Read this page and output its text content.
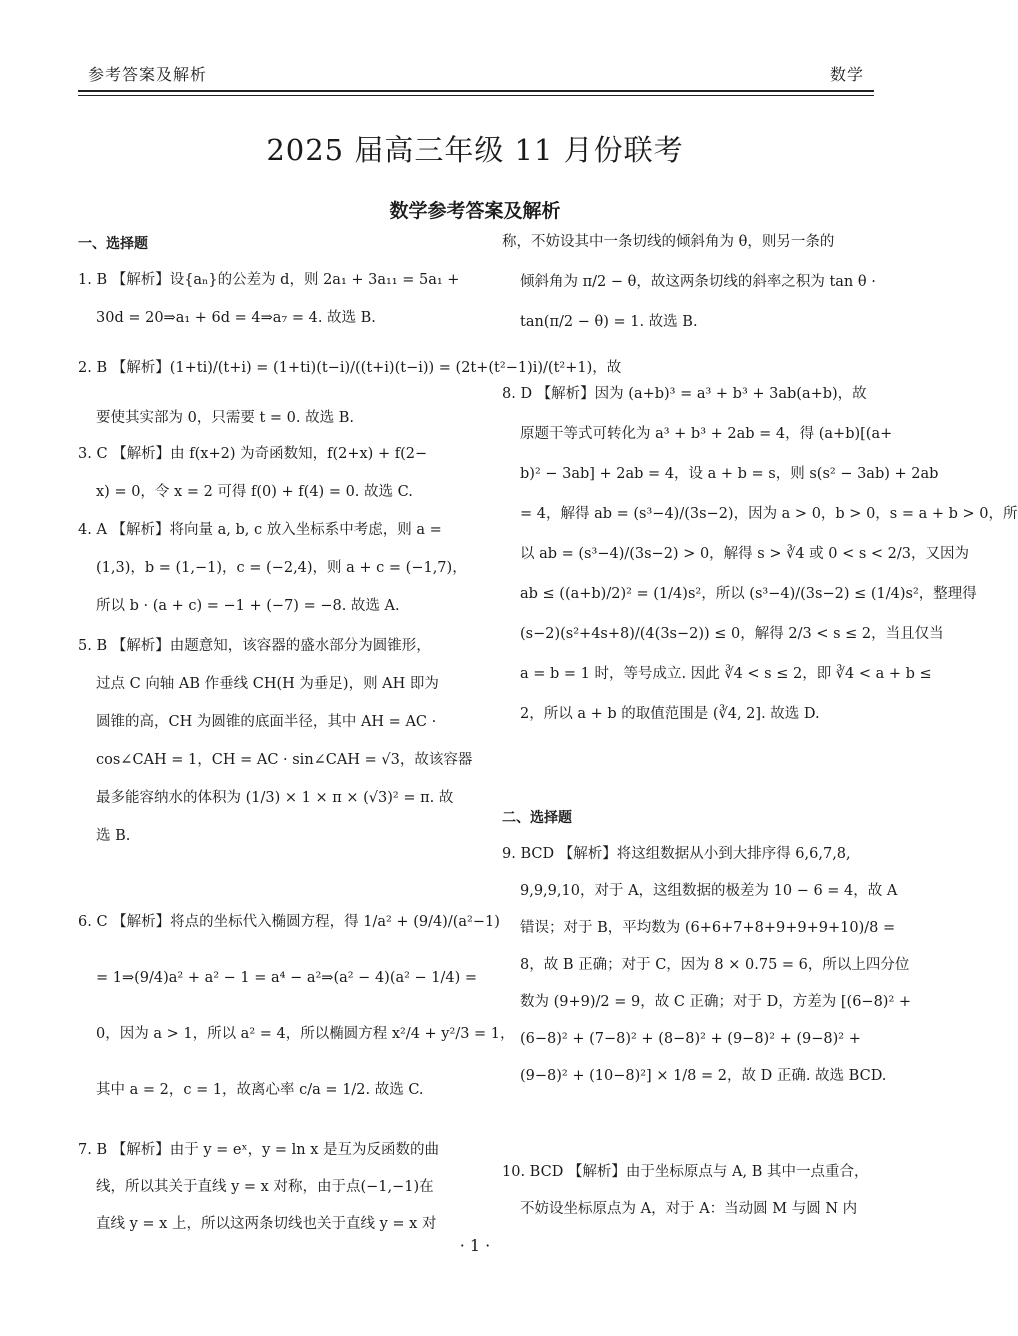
参考答案及解析	数学
2025 届高三年级 11 月份联考
数学参考答案及解析
一、选择题
1. B 【解析】设{aₙ}的公差为 d，则 2a₁ + 3a₁₁ = 5a₁ +
30d = 20⇒a₁ + 6d = 4⇒a₇ = 4. 故选 B.
2. B 【解析】(1+ti)/(t+i) = (1+ti)(t−i)/((t+i)(t−i)) = (2t+(t²−1)i)/(t²+1)，故
要使其实部为 0，只需要 t = 0. 故选 B.
3. C 【解析】由 f(x+2) 为奇函数知，f(2+x) + f(2−
x) = 0，令 x = 2 可得 f(0) + f(4) = 0. 故选 C.
4. A 【解析】将向量 a, b, c 放入坐标系中考虑，则 a =
(1,3)，b = (1,−1)，c = (−2,4)，则 a + c = (−1,7)，
所以 b · (a + c) = −1 + (−7) = −8. 故选 A.
5. B 【解析】由题意知，该容器的盛水部分为圆锥形，
过点 C 向轴 AB 作垂线 CH(H 为垂足)，则 AH 即为
圆锥的高，CH 为圆锥的底面半径，其中 AH = AC ·
cos∠CAH = 1，CH = AC · sin∠CAH = √3，故该容器
最多能容纳水的体积为 (1/3) × 1 × π × (√3)² = π. 故
选 B.
6. C 【解析】将点的坐标代入椭圆方程，得 1/a² + (9/4)/(a²−1)
= 1⇒(9/4)a² + a² − 1 = a⁴ − a²⇒(a² − 4)(a² − 1/4) =
0，因为 a > 1，所以 a² = 4，所以椭圆方程 x²/4 + y²/3 = 1，
其中 a = 2，c = 1，故离心率 c/a = 1/2. 故选 C.
7. B 【解析】由于 y = eˣ，y = ln x 是互为反函数的曲
线，所以其关于直线 y = x 对称，由于点(−1,−1)在
直线 y = x 上，所以这两条切线也关于直线 y = x 对
称，不妨设其中一条切线的倾斜角为 θ，则另一条的
倾斜角为 π/2 − θ，故这两条切线的斜率之积为 tan θ ·
tan(π/2 − θ) = 1. 故选 B.
8. D 【解析】因为 (a+b)³ = a³ + b³ + 3ab(a+b)，故
原题干等式可转化为 a³ + b³ + 2ab = 4，得 (a+b)[(a+
b)² − 3ab] + 2ab = 4，设 a + b = s，则 s(s² − 3ab) + 2ab
= 4，解得 ab = (s³−4)/(3s−2)，因为 a > 0，b > 0，s = a + b > 0，所
以 ab = (s³−4)/(3s−2) > 0，解得 s > ∛4 或 0 < s < 2/3，又因为
ab ≤ ((a+b)/2)² = (1/4)s²，所以 (s³−4)/(3s−2) ≤ (1/4)s²，整理得
(s−2)(s²+4s+8)/(4(3s−2)) ≤ 0，解得 2/3 < s ≤ 2，当且仅当
a = b = 1 时，等号成立. 因此 ∛4 < s ≤ 2，即 ∛4 < a + b ≤
2，所以 a + b 的取值范围是 (∛4, 2]. 故选 D.
二、选择题
9. BCD 【解析】将这组数据从小到大排序得 6,6,7,8,
9,9,9,10，对于 A，这组数据的极差为 10 − 6 = 4，故 A
错误；对于 B，平均数为 (6+6+7+8+9+9+9+10)/8 =
8，故 B 正确；对于 C，因为 8 × 0.75 = 6，所以上四分位
数为 (9+9)/2 = 9，故 C 正确；对于 D，方差为 [(6−8)² +
(6−8)² + (7−8)² + (8−8)² + (9−8)² + (9−8)² +
(9−8)² + (10−8)²] × 1/8 = 2，故 D 正确. 故选 BCD.
10. BCD 【解析】由于坐标原点与 A, B 其中一点重合，
不妨设坐标原点为 A，对于 A：当动圆 M 与圆 N 内
· 1 ·
